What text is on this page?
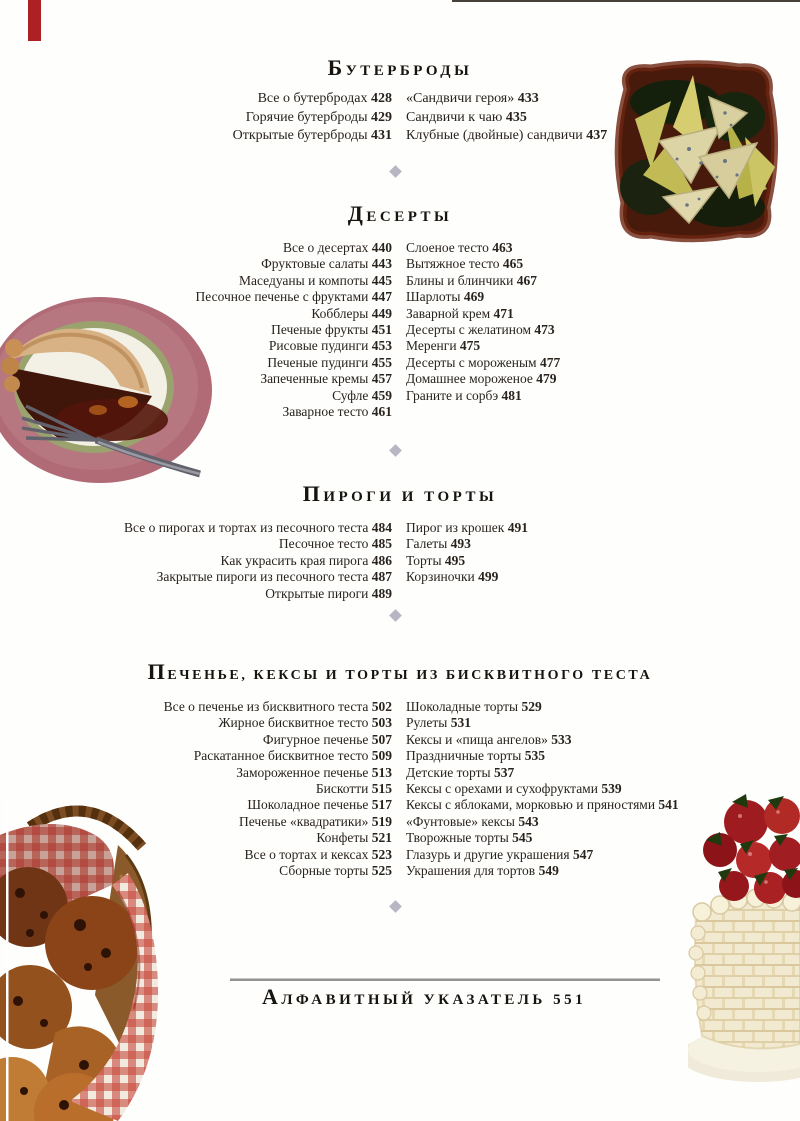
БУТЕРБРОДЫ
Все о бутербродах 428
Горячие бутерброды 429
Открытые бутерброды 431
«Сандвичи героя» 433
Сандвичи к чаю 435
Клубные (двойные) сандвичи 437
ДЕСЕРТЫ
Все о десертах 440
Фруктовые салаты 443
Маседуаны и компоты 445
Песочное печенье с фруктами 447
Кобблеры 449
Печеные фрукты 451
Рисовые пудинги 453
Печеные пудинги 455
Запеченные кремы 457
Суфле 459
Заварное тесто 461
Слоеное тесто 463
Вытяжное тесто 465
Блины и блинчики 467
Шарлоты 469
Заварной крем 471
Десерты с желатином 473
Меренги 475
Десерты с мороженым 477
Домашнее мороженое 479
Граните и сорбэ 481
ПИРОГИ И ТОРТЫ
Все о пирогах и тортах из песочного теста 484
Песочное тесто 485
Как украсить края пирога 486
Закрытые пироги из песочного теста 487
Открытые пироги 489
Пирог из крошек 491
Галеты 493
Торты 495
Корзиночки 499
ПЕЧЕНЬЕ, КЕКСЫ И ТОРТЫ ИЗ БИСКВИТНОГО ТЕСТА
Все о печенье из бисквитного теста 502
Жирное бисквитное тесто 503
Фигурное печенье 507
Раскатанное бисквитное тесто 509
Замороженное печенье 513
Бискотти 515
Шоколадное печенье 517
Печенье «квадратики» 519
Конфеты 521
Все о тортах и кексах 523
Сборные торты 525
Шоколадные торты 529
Рулеты 531
Кексы и «пища ангелов» 533
Праздничные торты 535
Детские торты 537
Кексы с орехами и сухофруктами 539
Кексы с яблоками, морковью и пряностями 541
«Фунтовые» кексы 543
Творожные торты 545
Глазурь и другие украшения 547
Украшения для тортов 549
АЛФАВИТНЫЙ УКАЗАТЕЛЬ 551
